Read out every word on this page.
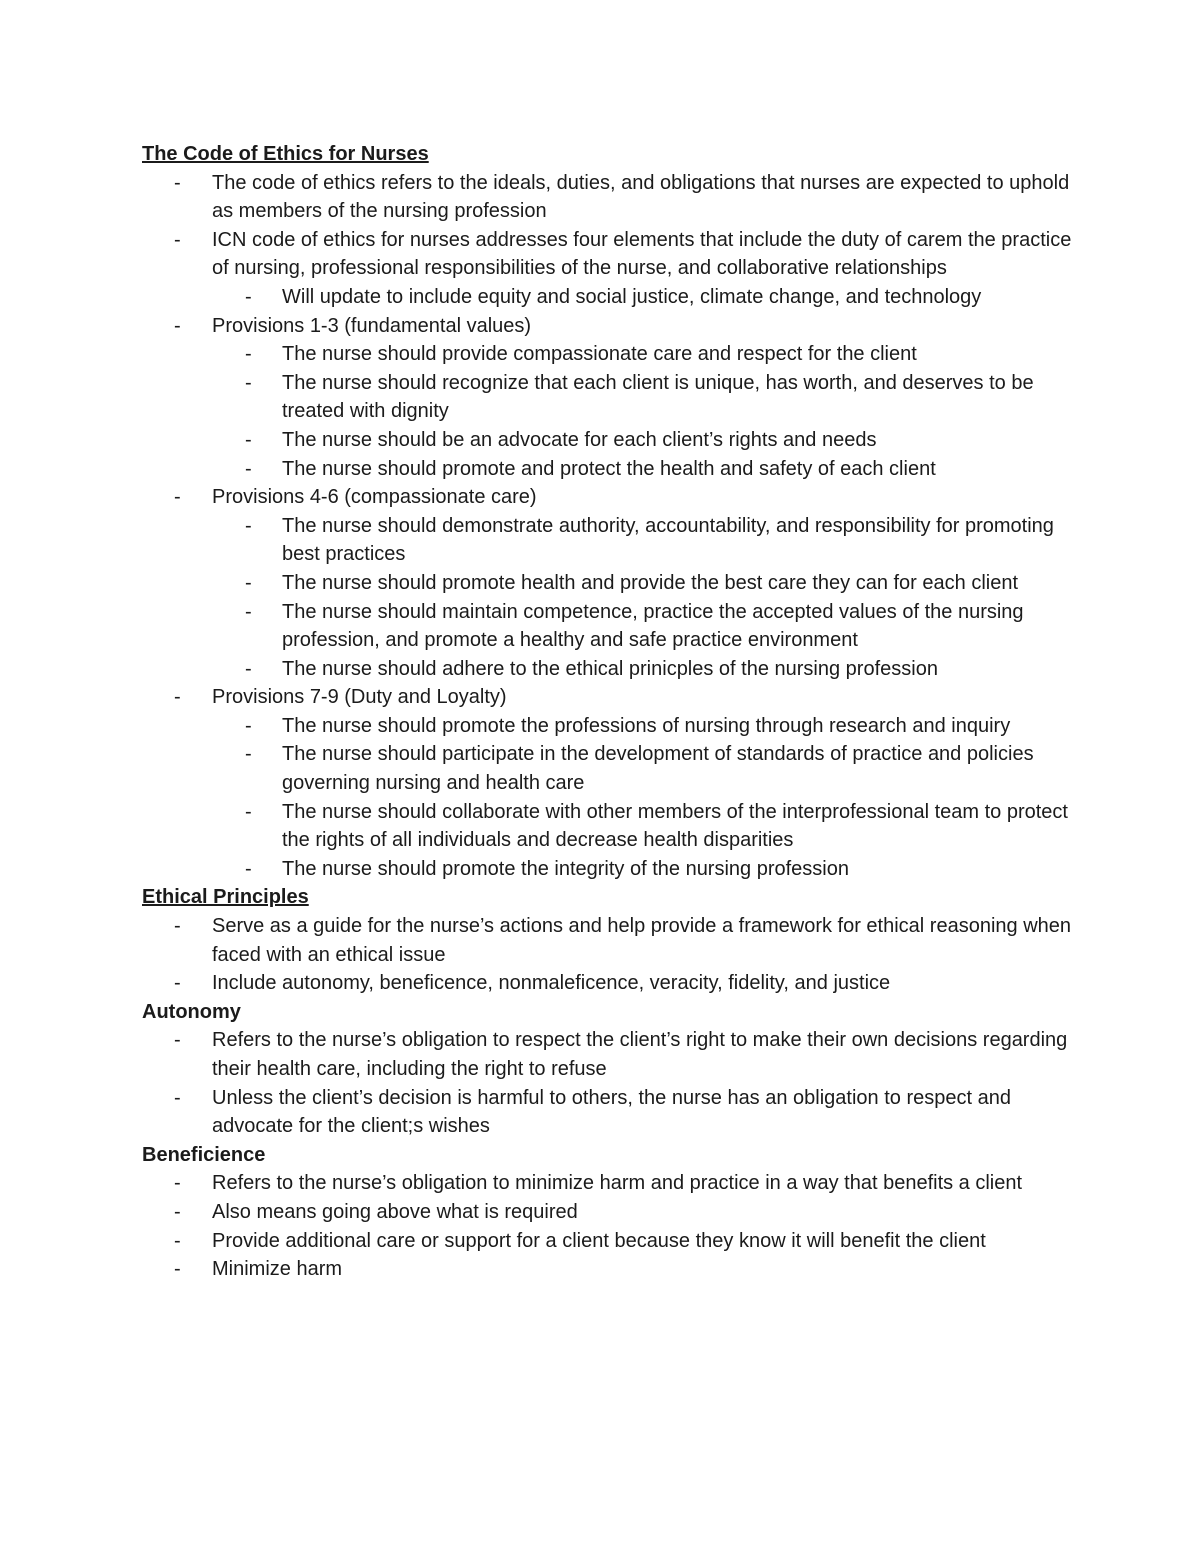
The Code of Ethics for Nurses
-	The code of ethics refers to the ideals, duties, and obligations that nurses are expected to uphold as members of the nursing profession
-	ICN code of ethics for nurses addresses four elements that include the duty of carem the practice of nursing, professional responsibilities of the nurse, and collaborative relationships
-	Will update to include equity and social justice, climate change, and technology
-	Provisions 1-3 (fundamental values)
-	The nurse should provide compassionate care and respect for the client
-	The nurse should recognize that each client is unique, has worth, and deserves to be treated with dignity
-	The nurse should be an advocate for each client’s rights and needs
-	The nurse should promote and protect the health and safety of each client
-	Provisions 4-6 (compassionate care)
-	The nurse should demonstrate authority, accountability, and responsibility for promoting best practices
-	The nurse should promote health and provide the best care they can for each client
-	The nurse should maintain competence, practice the accepted values of the nursing profession, and promote a healthy and safe practice environment
-	The nurse should adhere to the ethical prinicples of the nursing profession
-	Provisions 7-9 (Duty and Loyalty)
-	The nurse should promote the professions of nursing through research and inquiry
-	The nurse should participate in the development of standards of practice and policies governing nursing and health care
-	The nurse should collaborate with other members of the interprofessional team to protect the rights of all individuals and decrease health disparities
-	The nurse should promote the integrity of the nursing profession
Ethical Principles
-	Serve as a guide for the nurse’s actions and help provide a framework for ethical reasoning when faced with an ethical issue
-	Include autonomy, beneficence, nonmaleficence, veracity, fidelity, and justice
Autonomy
-	Refers to the nurse’s obligation to respect the client’s right to make their own decisions regarding their health care, including the right to refuse
-	Unless the client’s decision is harmful to others, the nurse has an obligation to respect and advocate for the client;s wishes
Beneficience
-	Refers to the nurse’s obligation to minimize harm and practice in a way that benefits a client
-	Also means going above what is required
-	Provide additional care or support for a client because they know it will benefit the client
-	Minimize harm
